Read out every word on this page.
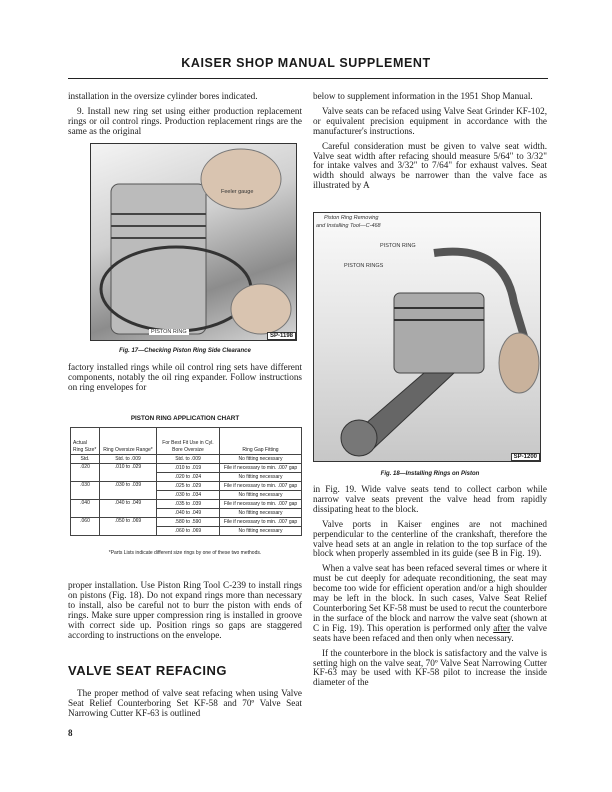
KAISER SHOP MANUAL SUPPLEMENT

installation in the oversize cylinder bores indicated.

9. Install new ring set using either production replacement rings or oil control rings. Production replacement rings are the same as the original

Feeler gauge
PISTON RING
SP-1198
Fig. 17—Checking Piston Ring Side Clearance

factory installed rings while oil control ring sets have different components, notably the oil ring expander. Follow instructions on ring envelopes for

PISTON RING APPLICATION CHART
Actual Ring Size*	Ring Oversize Range*	For Best Fit Use in Cyl. Bore Oversize	Ring Gap Fitting
Std.	Std. to .009	Std. to .009	No fitting necessary
.020	.010 to .029	.010 to .019	File if necessary to min. .007 gap
		.020 to .024	No fitting necessary
.030	.030 to .039	.025 to .029	File if necessary to min. .007 gap
		.030 to .034	No fitting necessary
.040	.040 to .049	.035 to .039	File if necessary to min. .007 gap
		.040 to .049	No fitting necessary
.060	.050 to .069	.580 to .590	File if necessary to min. .007 gap
		.060 to .069	No fitting necessary
*Parts Lists indicate different size rings by one of these two methods.

proper installation. Use Piston Ring Tool C-239 to install rings on pistons (Fig. 18). Do not expand rings more than necessary to install, also be careful not to burr the piston with ends of rings. Make sure upper compression ring is installed in groove with correct side up. Position rings so gaps are staggered according to instructions on the envelope.

VALVE SEAT REFACING

The proper method of valve seat refacing when using Valve Seat Relief Counterboring Set KF-58 and 70º Valve Seat Narrowing Cutter KF-63 is outlined

8

below to supplement information in the 1951 Shop Manual.

Valve seats can be refaced using Valve Seat Grinder KF-102, or equivalent precision equipment in accordance with the manufacturer's instructions.

Careful consideration must be given to valve seat width. Valve seat width after refacing should measure 5/64" to 3/32" for intake valves and 3/32" to 7/64" for exhaust valves. Seat width should always be narrower than the valve face as illustrated by A

Piston Ring Removing
and Installing Tool—C-468
PISTON RING
PISTON RINGS
SP-1200
Fig. 18—Installing Rings on Piston

in Fig. 19. Wide valve seats tend to collect carbon while narrow valve seats prevent the valve head from rapidly dissipating heat to the block.

Valve ports in Kaiser engines are not machined perpendicular to the centerline of the crankshaft, therefore the valve head sets at an angle in relation to the top surface of the block when properly assembled in its guide (see B in Fig. 19).

When a valve seat has been refaced several times or where it must be cut deeply for adequate reconditioning, the seat may become too wide for efficient operation and/or a high shoulder may be left in the block. In such cases, Valve Seat Relief Counterboring Set KF-58 must be used to recut the counterbore in the surface of the block and narrow the valve seat (shown at C in Fig. 19). This operation is performed only after the valve seats have been refaced and then only when necessary.

If the counterbore in the block is satisfactory and the valve is setting high on the valve seat, 70º Valve Seat Narrowing Cutter KF-63 may be used with KF-58 pilot to increase the inside diameter of the
